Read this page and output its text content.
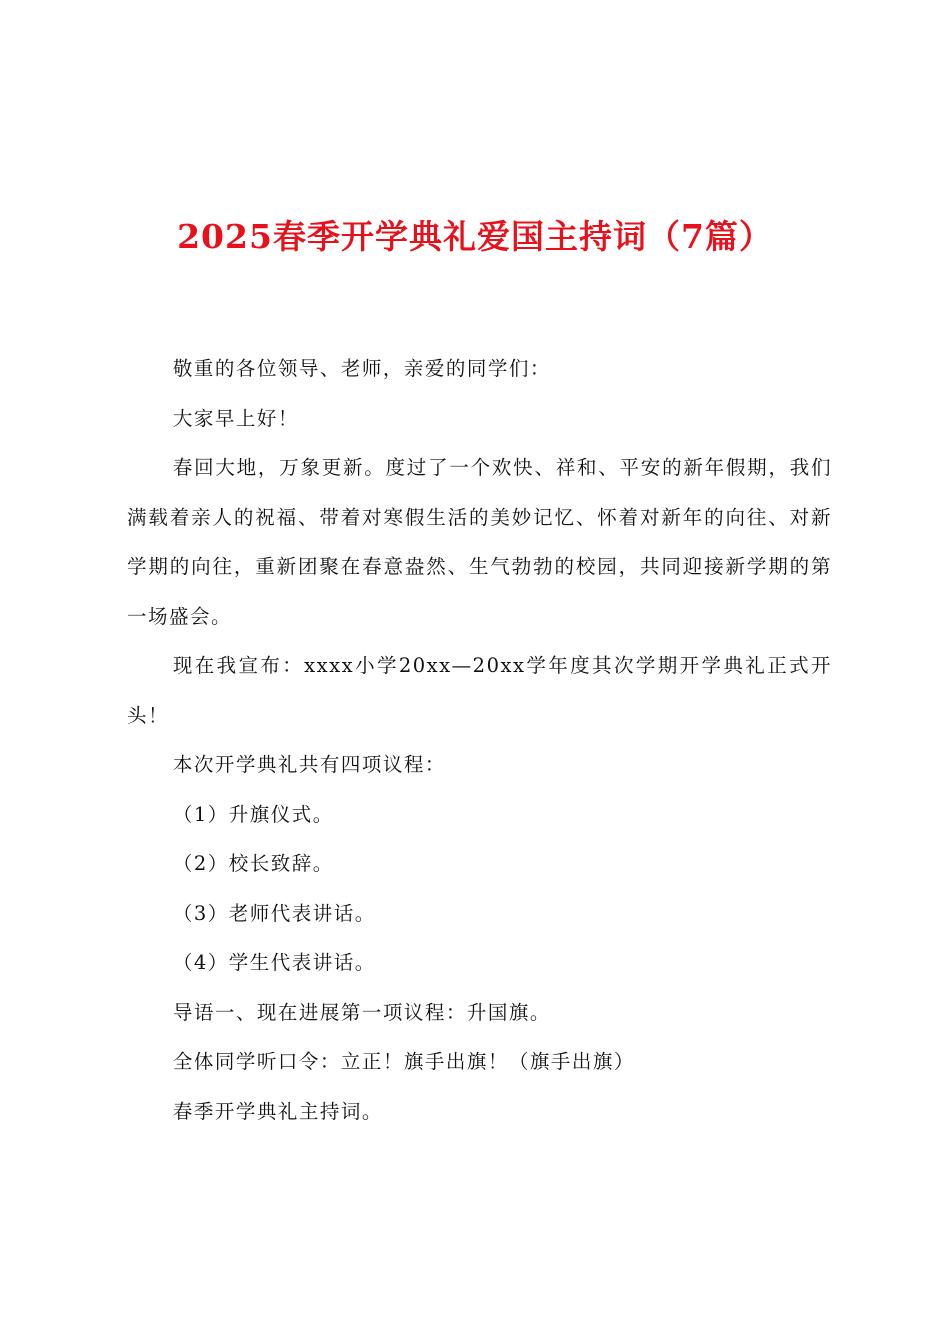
2025春季开学典礼爱国主持词（7篇）

敬重的各位领导、老师，亲爱的同学们：

大家早上好！

春回大地，万象更新。度过了一个欢快、祥和、平安的新年假期，我们满载着亲人的祝福、带着对寒假生活的美妙记忆、怀着对新年的向往、对新学期的向往，重新团聚在春意盎然、生气勃勃的校园，共同迎接新学期的第一场盛会。

现在我宣布：xxxx小学20xx—20xx学年度其次学期开学典礼正式开头！

本次开学典礼共有四项议程：

（1）升旗仪式。

（2）校长致辞。

（3）老师代表讲话。

（4）学生代表讲话。

导语一、现在进展第一项议程：升国旗。

全体同学听口令：立正！旗手出旗！（旗手出旗）

春季开学典礼主持词。
